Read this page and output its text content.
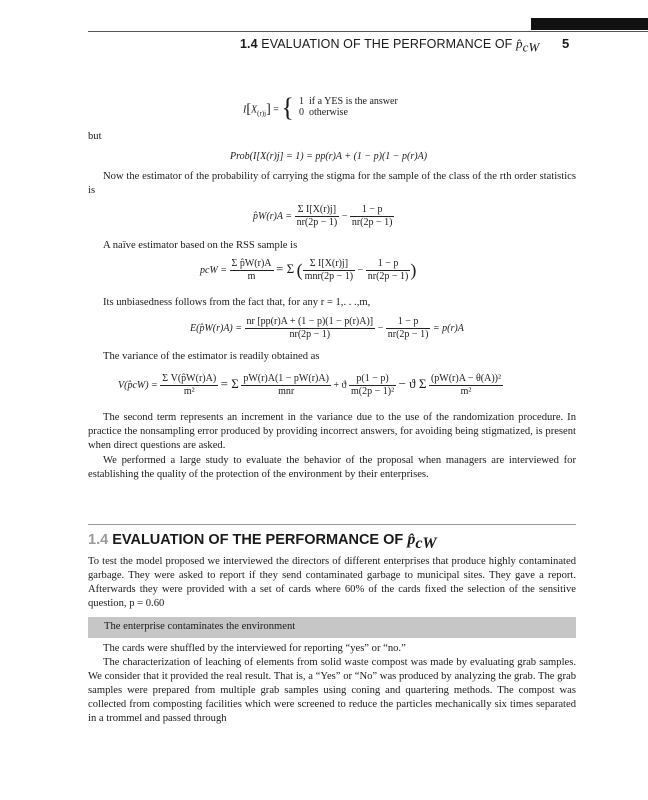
1.4 EVALUATION OF THE PERFORMANCE OF $p̂_{cW}$ 5
$I[X_{(r)j}]$ = { 1 if a YES is the answer
0 otherwise
but
Prob(I[X(r)j] = 1) = pp(r)A + (1 − p)(1 − p(r)A)
Now the estimator of the probability of carrying the stigma for the sample of the class of the rth order statistics is
p̂W(r)A = $\frac{\text{Σ I[X(r)j]}}{nr(2p - 1)} - \frac{1 - p}{nr(2p - 1)}$
A naïve estimator based on the RSS sample is
pcW = $\frac{\text{Σ p̂W(r)A}}{m} = \Sigma$ ( $\frac{\text{Σ I[X(r)j]}}{\text{mnr(2p − 1)}} - \frac{1 - p}{nr(2p - 1)}$ )
Its unbiasedness follows from the fact that, for any r = 1,. . .,m,
E(p̂W(r)A) = $\frac{nr [pp(r)A + (1 - p)(1 - p(r)A)]}{nr(2p - 1)} - \frac{1 - p}{nr(2p - 1)} = p(r)A$
The variance of the estimator is readily obtained as
V(p̂cW) = $\frac{\text{Σ V(p̂W(r)A)}}{\text{m²}} = \Sigma \frac{pW(r)A(1 - pW(r)A)}{\text{mnr}} + ϑ \frac{p(1 - p)}{\text{m(2p − 1)²}} - ϑ$ Σ $\frac{\text{(pW(r)A − θ(A))²}}{\text{m²}}$
The second term represents an increment in the variance due to the use of the randomization procedure. In practice the nonsampling error produced by providing incorrect answers, for avoiding being stigmatized, is present when direct questions are asked.
We performed a large study to evaluate the behavior of the proposal when managers are interviewed for establishing the quality of the protection of the environment by their enterprises.
1.4 EVALUATION OF THE PERFORMANCE OF $p̂_{cW}$
To test the model proposed we interviewed the directors of different enterprises that produce highly contaminated garbage. They were asked to report if they send contaminated garbage to municipal sites. They gave a report. Afterwards they were provided with a set of cards where 60% of the cards fixed the selection of the sensitive question, p = 0.60
The enterprise contaminates the environment
The cards were shuffled by the interviewed for reporting “yes” or “no.”
The characterization of leaching of elements from solid waste compost was made by evaluating grab samples. We consider that it provided the real result. That is, a “Yes” or “No” was produced by analyzing the grab. The grab samples were prepared from multiple grab samples using coning and quartering methods. The compost was collected from composting facilities which were screened to reduce the particles mechanically six times separated in a trommel and passed through
